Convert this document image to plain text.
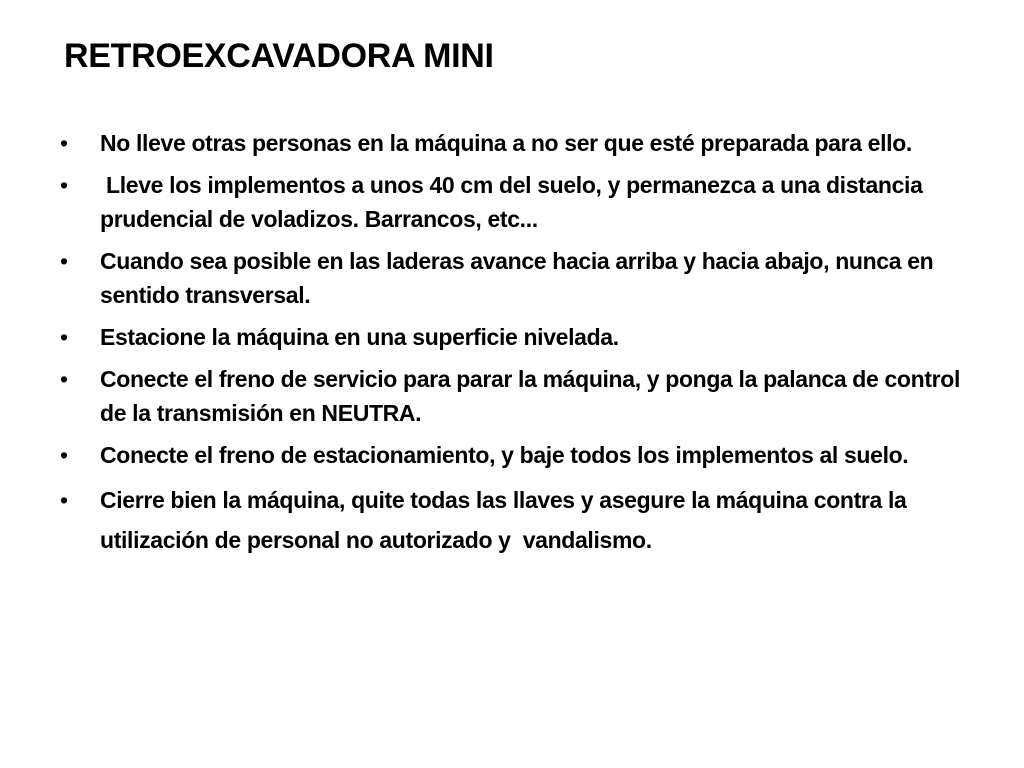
RETROEXCAVADORA MINI
•	No lleve otras personas en la máquina a no ser que esté preparada para ello.
•	Lleve los implementos a unos 40 cm del suelo, y permanezca a una distancia prudencial de voladizos. Barrancos, etc...
•	Cuando sea posible en las laderas avance hacia arriba y hacia abajo, nunca en sentido transversal.
•	Estacione la máquina en una superficie nivelada.
•	Conecte el freno de servicio para parar la máquina, y ponga la palanca de control de la transmisión en NEUTRA.
•	Conecte el freno de estacionamiento, y baje todos los implementos al suelo.
•	Cierre bien la máquina, quite todas las llaves y asegure la máquina contra la utilización de personal no autorizado y  vandalismo.
